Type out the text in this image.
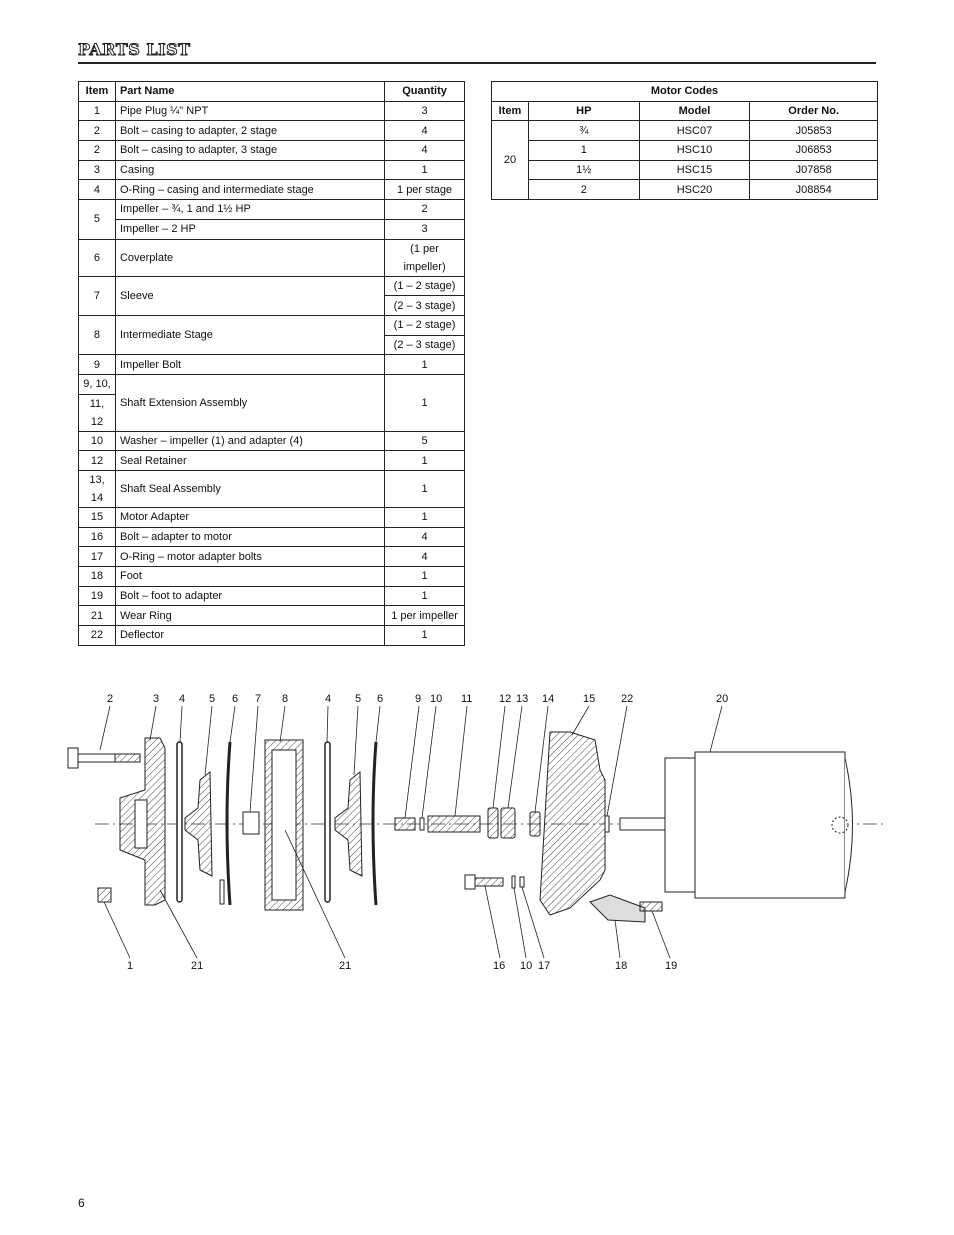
PARTS LIST
Item	Part Name	Quantity
1	Pipe Plug ¼" NPT	3
2	Bolt – casing to adapter, 2 stage	4
2	Bolt – casing to adapter, 3 stage	4
3	Casing	1
4	O-Ring – casing and intermediate stage	1 per stage
5	Impeller – ¾, 1 and 1½ HP	2
	Impeller – 2 HP	3
6	Coverplate	(1 per impeller)
7	Sleeve	(1 – 2 stage)
		(2 – 3 stage)
8	Intermediate Stage	(1 – 2 stage)
		(2 – 3 stage)
9	Impeller Bolt	1
9, 10,	Shaft Extension Assembly	1
11, 12		
10	Washer – impeller (1) and adapter (4)	5
12	Seal Retainer	1
13, 14	Shaft Seal Assembly	1
15	Motor Adapter	1
16	Bolt – adapter to motor	4
17	O-Ring – motor adapter bolts	4
18	Foot	1
19	Bolt – foot to adapter	1
21	Wear Ring	1 per impeller
22	Deflector	1
Motor Codes			
Item	HP	Model	Order No.
20	¾	HSC07	J05853
	1	HSC10	J06853
	1½	HSC15	J07858
	2	HSC20	J08854
2	3 4 5 6 7 8	4 5 6	9 10 11 12 13 14	15 22	20
1	21	21	16 10 17	18	19
6
